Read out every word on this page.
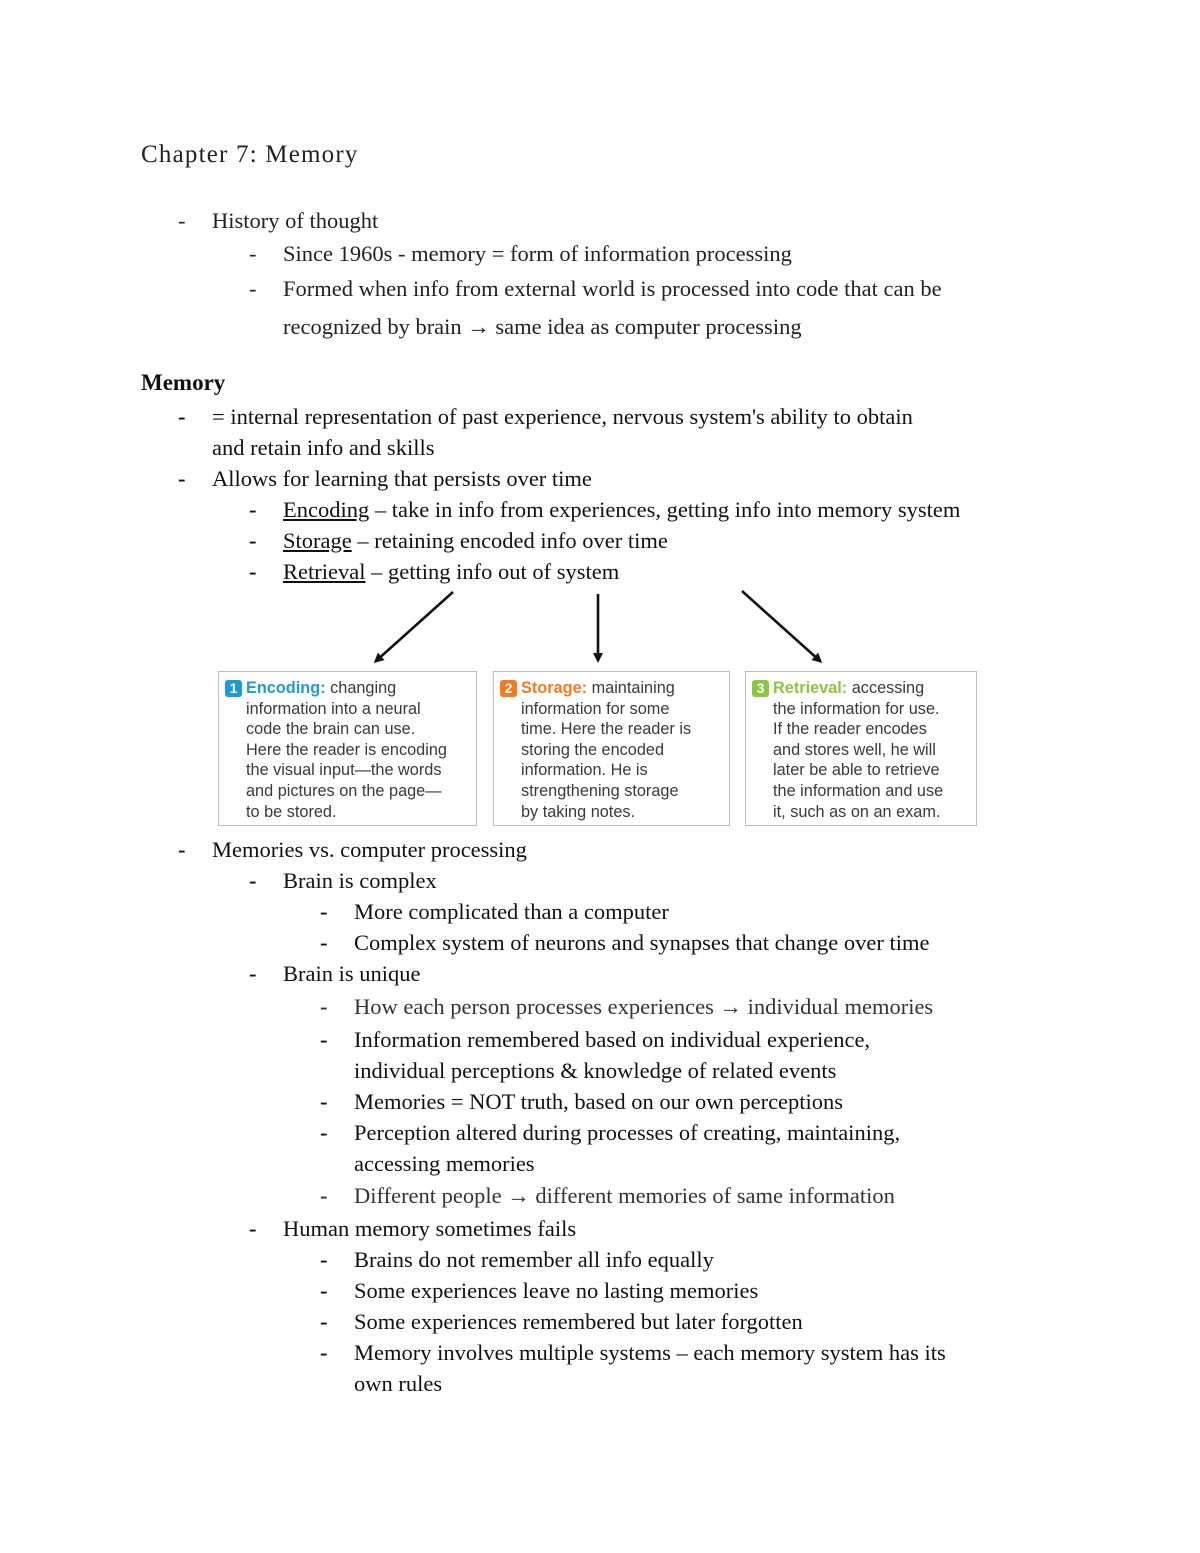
Chapter 7: Memory
- History of thought
- Since 1960s - memory = form of information processing
- Formed when info from external world is processed into code that can be
recognized by brain → same idea as computer processing
Memory
- = internal representation of past experience, nervous system's ability to obtain
and retain info and skills
- Allows for learning that persists over time
- Encoding – take in info from experiences, getting info into memory system
- Storage – retaining encoded info over time
- Retrieval – getting info out of system
1 Encoding: changing
information into a neural
code the brain can use.
Here the reader is encoding
the visual input—the words
and pictures on the page—
to be stored.
2 Storage: maintaining
information for some
time. Here the reader is
storing the encoded
information. He is
strengthening storage
by taking notes.
3 Retrieval: accessing
the information for use.
If the reader encodes
and stores well, he will
later be able to retrieve
the information and use
it, such as on an exam.
- Memories vs. computer processing
- Brain is complex
- More complicated than a computer
- Complex system of neurons and synapses that change over time
- Brain is unique
- How each person processes experiences → individual memories
- Information remembered based on individual experience,
individual perceptions & knowledge of related events
- Memories = NOT truth, based on our own perceptions
- Perception altered during processes of creating, maintaining,
accessing memories
- Different people → different memories of same information
- Human memory sometimes fails
- Brains do not remember all info equally
- Some experiences leave no lasting memories
- Some experiences remembered but later forgotten
- Memory involves multiple systems – each memory system has its
own rules
